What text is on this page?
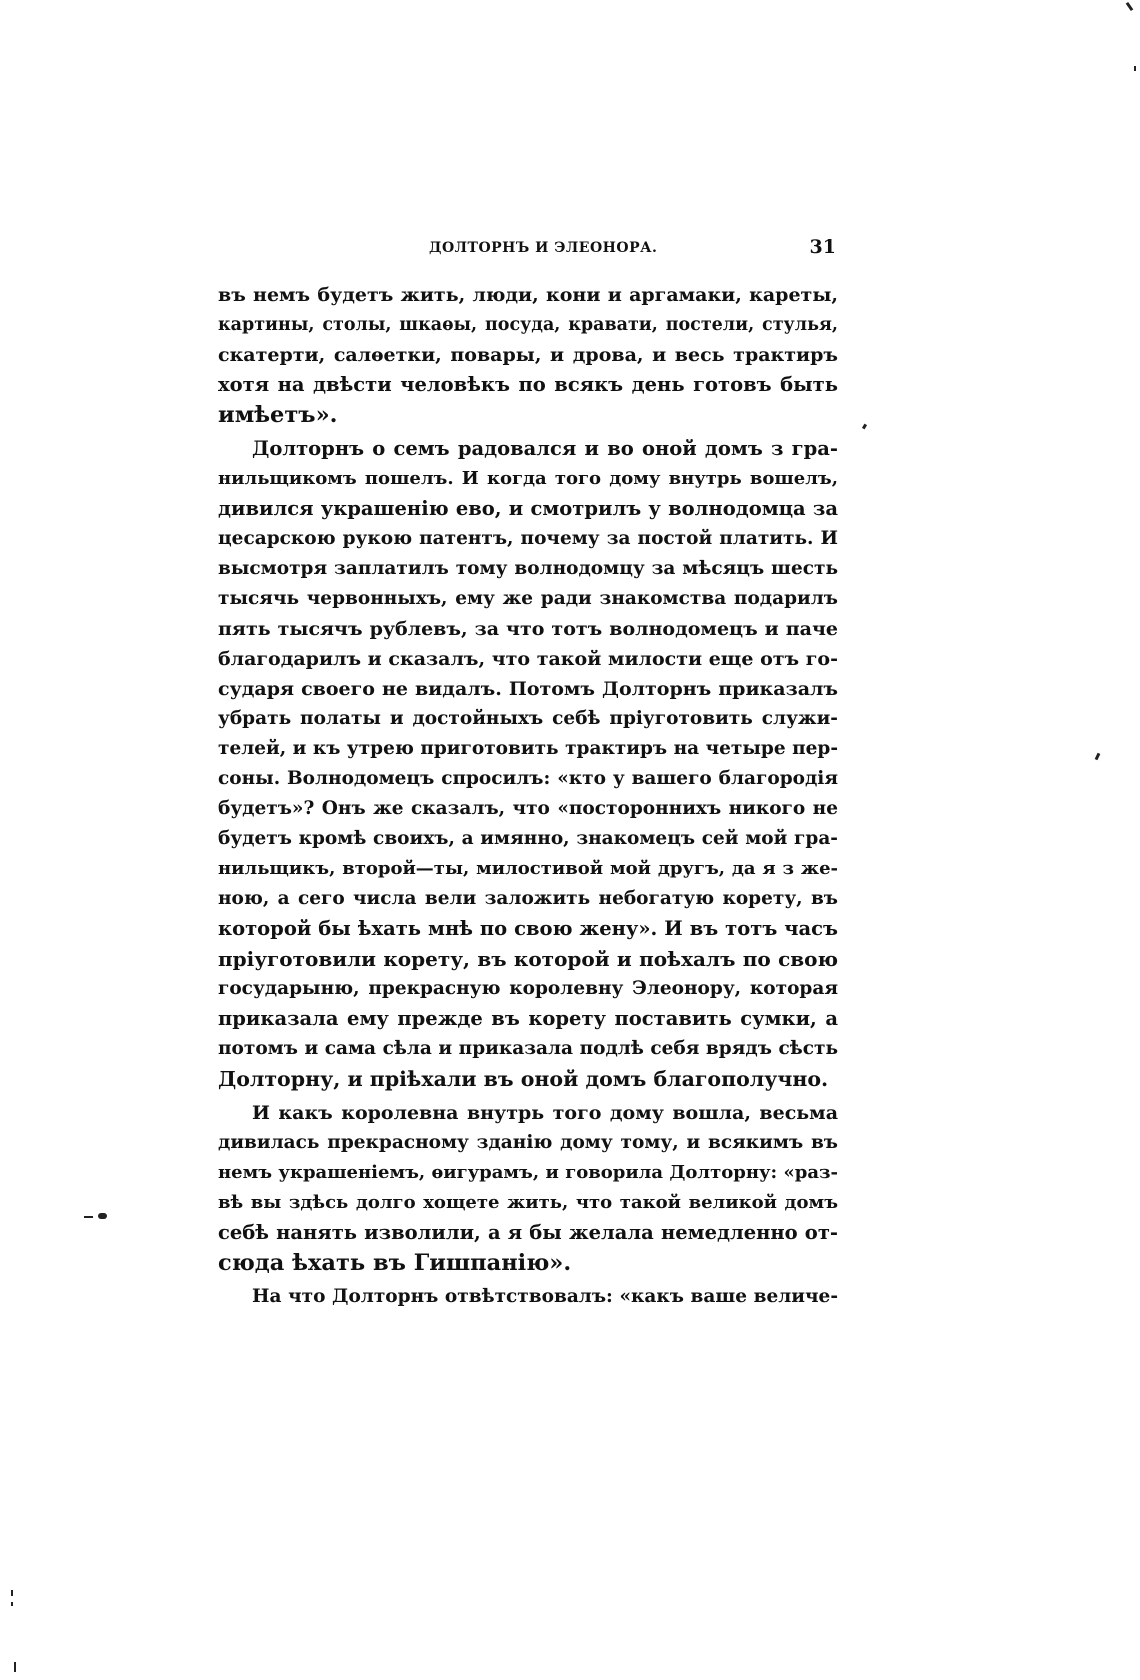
ДОЛТОРНЪ И ЭЛЕОНОРА.	31
въ немъ будетъ жить, люди, кони и аргамаки, кареты,
картины, столы, шкаѳы, посуда, кравати, постели, стулья,
скатерти, салѳетки, повары, и дрова, и весь трактиръ
хотя на двѣсти человѣкъ по всякъ день готовъ быть
имѣетъ».
Долторнъ о семъ радовался и во оной домъ з гра-
нильщикомъ пошелъ. И когда того дому внутрь вошелъ,
дивился украшенію ево, и смотрилъ у волнодомца за
цесарскою рукою патентъ, почему за постой платить. И
высмотря заплатилъ тому волнодомцу за мѣсяцъ шесть
тысячь червонныхъ, ему же ради знакомства подарилъ
пять тысячъ рублевъ, за что тотъ волнодомецъ и паче
благодарилъ и сказалъ, что такой милости еще отъ го-
сударя своего не видалъ. Потомъ Долторнъ приказалъ
убрать полаты и достойныхъ себѣ пріуготовить служи-
телей, и къ утрею приготовить трактиръ на четыре пер-
соны. Волнодомецъ спросилъ: «кто у вашего благородія
будетъ»? Онъ же сказалъ, что «постороннихъ никого не
будетъ кромѣ своихъ, а имянно, знакомецъ сей мой гра-
нильщикъ, второй—ты, милостивой мой другъ, да я з же-
ною, а сего числа вели заложить небогатую корету, въ
которой бы ѣхать мнѣ по свою жену». И въ тотъ часъ
пріуготовили корету, въ которой и поѣхалъ по свою
государыню, прекрасную королевну Элеонору, которая
приказала ему прежде въ корету поставить сумки, а
потомъ и сама сѣла и приказала подлѣ себя врядъ сѣсть
Долторну, и пріѣхали въ оной домъ благополучно.
И какъ королевна внутрь того дому вошла, весьма
дивилась прекрасному зданію дому тому, и всякимъ въ
немъ украшеніемъ, ѳигурамъ, и говорила Долторну: «раз-
вѣ вы здѣсь долго хощете жить, что такой великой домъ
себѣ нанять изволили, а я бы желала немедленно от-
сюда ѣхать въ Гишпанію».
На что Долторнъ отвѣтствовалъ: «какъ ваше величе-
